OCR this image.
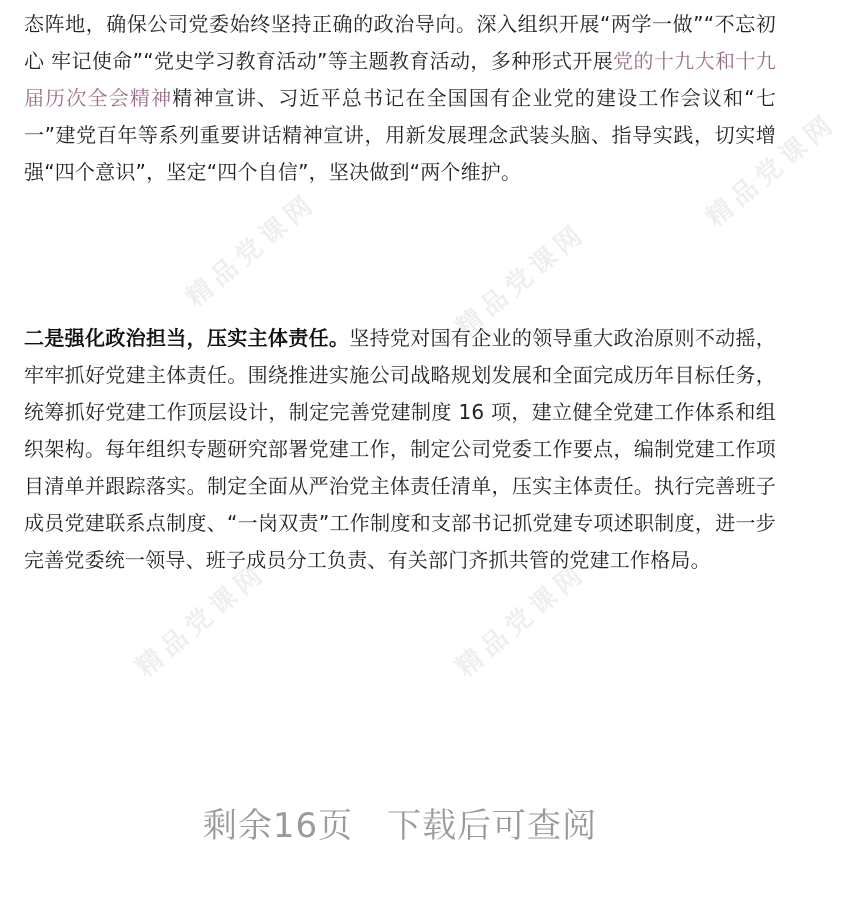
精品党课网	精品党课网
精品党课网	精品党课网
精品党课网

态阵地，确保公司党委始终坚持正确的政治导向。深入组织开展“两学一做”“不忘初心 牢记使命”“党史学习教育活动”等主题教育活动，多种形式开展党的十九大和十九届历次全会精神精神宣讲、习近平总书记在全国国有企业党的建设工作会议和“七一”建党百年等系列重要讲话精神宣讲，用新发展理念武装头脑、指导实践，切实增强“四个意识”，坚定“四个自信”，坚决做到“两个维护。

二是强化政治担当，压实主体责任。坚持党对国有企业的领导重大政治原则不动摇，牢牢抓好党建主体责任。围绕推进实施公司战略规划发展和全面完成历年目标任务，统筹抓好党建工作顶层设计，制定完善党建制度 16 项，建立健全党建工作体系和组织架构。每年组织专题研究部署党建工作，制定公司党委工作要点，编制党建工作项目清单并跟踪落实。制定全面从严治党主体责任清单，压实主体责任。执行完善班子成员党建联系点制度、“一岗双责”工作制度和支部书记抓党建专项述职制度，进一步完善党委统一领导、班子成员分工负责、有关部门齐抓共管的党建工作格局。

剩余16页 下载后可查阅
